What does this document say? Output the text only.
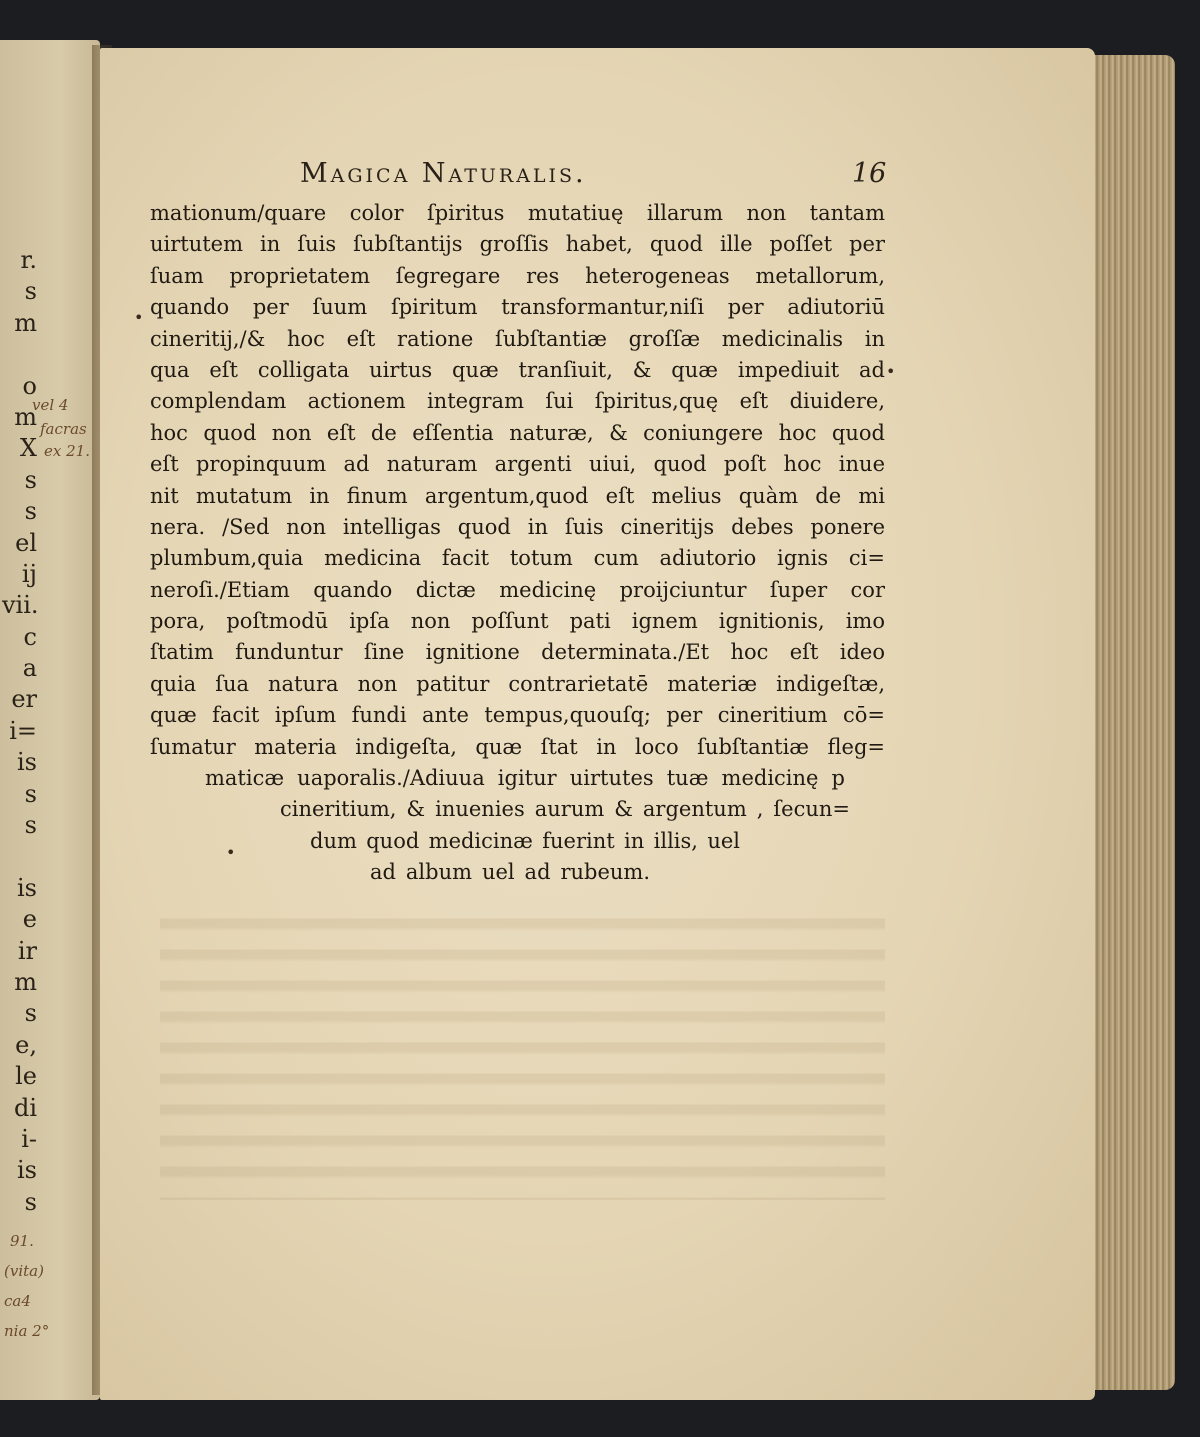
r.
s
m
o
m
X
s
s
el
ij
vii.
c
a
er
i=
is
s
s
is
e
ir
m
s
e,
le
di
i-
is
s
Magica Naturalis.	16
mationum/quare color ſpiritus mutatiuę illarum non tantam
uirtutem in ſuis ſubſtantijs groſſis habet, quod ille poſſet per
ſuam proprietatem ſegregare res heterogeneas metallorum,
quando per ſuum ſpiritum transformantur,niſi per adiutoriū
cineritij,/& hoc eſt ratione ſubſtantiæ groſſæ medicinalis in
qua eſt colligata uirtus quæ tranſiuit, & quæ impediuit ad
complendam actionem integram ſui ſpiritus,quę eſt diuidere,
hoc quod non eſt de eſſentia naturæ, & coniungere hoc quod
eſt propinquum ad naturam argenti uiui, quod poſt hoc inue
nit mutatum in finum argentum,quod eſt melius quàm de mi
nera. /Sed non intelligas quod in ſuis cineritijs debes ponere
plumbum,quia medicina facit totum cum adiutorio ignis ci=
neroſi./Etiam quando dictæ medicinę proijciuntur ſuper cor
pora, poſtmodū ipſa non poſſunt pati ignem ignitionis, imo
ſtatim funduntur ſine ignitione determinata./Et hoc eſt ideo
quia ſua natura non patitur contrarietatē materiæ indigeſtæ,
quæ facit ipſum fundi ante tempus,quouſq; per cineritium cō=
ſumatur materia indigeſta, quæ ſtat in loco ſubſtantiæ fleg=
maticæ uaporalis./Adiuua igitur uirtutes tuæ medicinę p
cineritium, & inuenies aurum & argentum , ſecun=
dum quod medicinæ fuerint in illis, uel
ad album uel ad rubeum.
vel 4
facras
ex 21.
91.
(vita)
ca4
nia 2°
•
•
•
